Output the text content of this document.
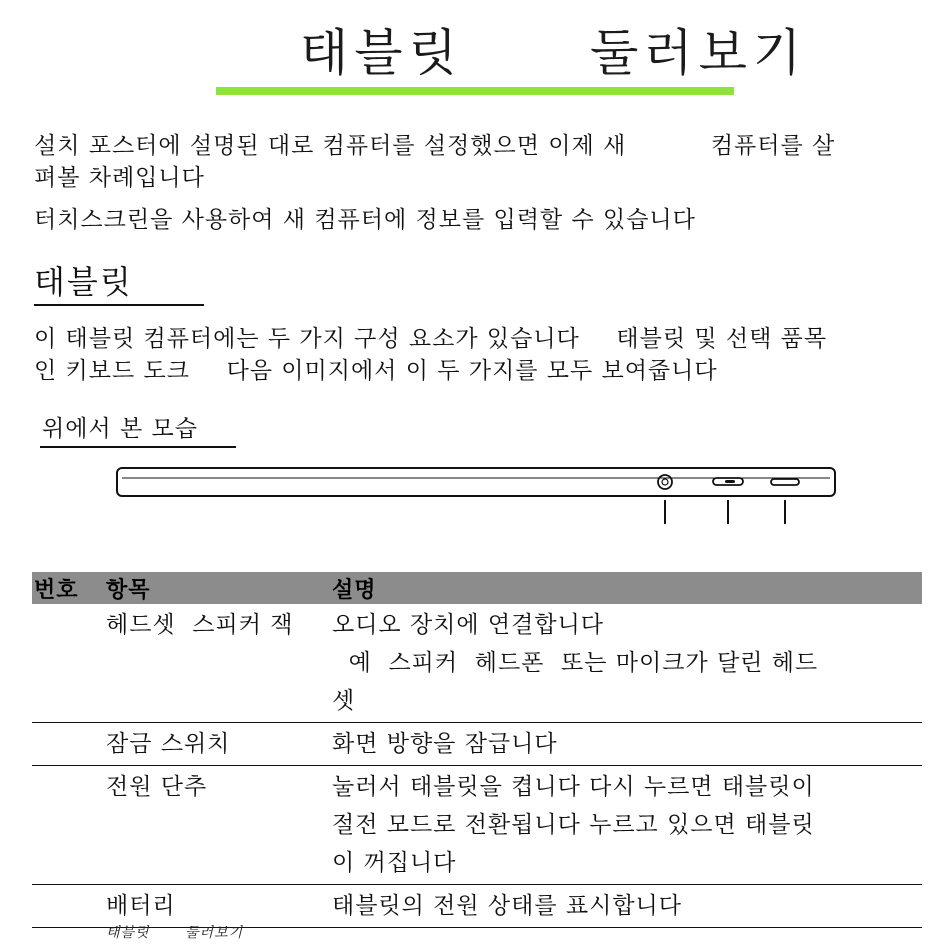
태블릿	둘러보기
설치 포스터에 설명된 대로 컴퓨터를 설정했으면 이제 새	컴퓨터를 살
펴볼 차례입니다
터치스크린을 사용하여 새 컴퓨터에 정보를 입력할 수 있습니다
태블릿
이 태블릿 컴퓨터에는 두 가지 구성 요소가 있습니다 태블릿 및 선택 품목
인 키보드 도크 다음 이미지에서 이 두 가지를 모두 보여줍니다
위에서 본 모습
번호	항목	설명
	헤드셋  스피커 잭	오디오 장치에 연결합니다
예  스피커  헤드폰  또는 마이크가 달린 헤드
셋

	잠금 스위치	화면 방향을 잠급니다

	전원 단추	눌러서 태블릿을 켭니다 다시 누르면 태블릿이
절전 모드로 전환됩니다 누르고 있으면 태블릿
이 꺼집니다

	배터리	태블릿의 전원 상태를 표시합니다
태블릿	둘러보기
